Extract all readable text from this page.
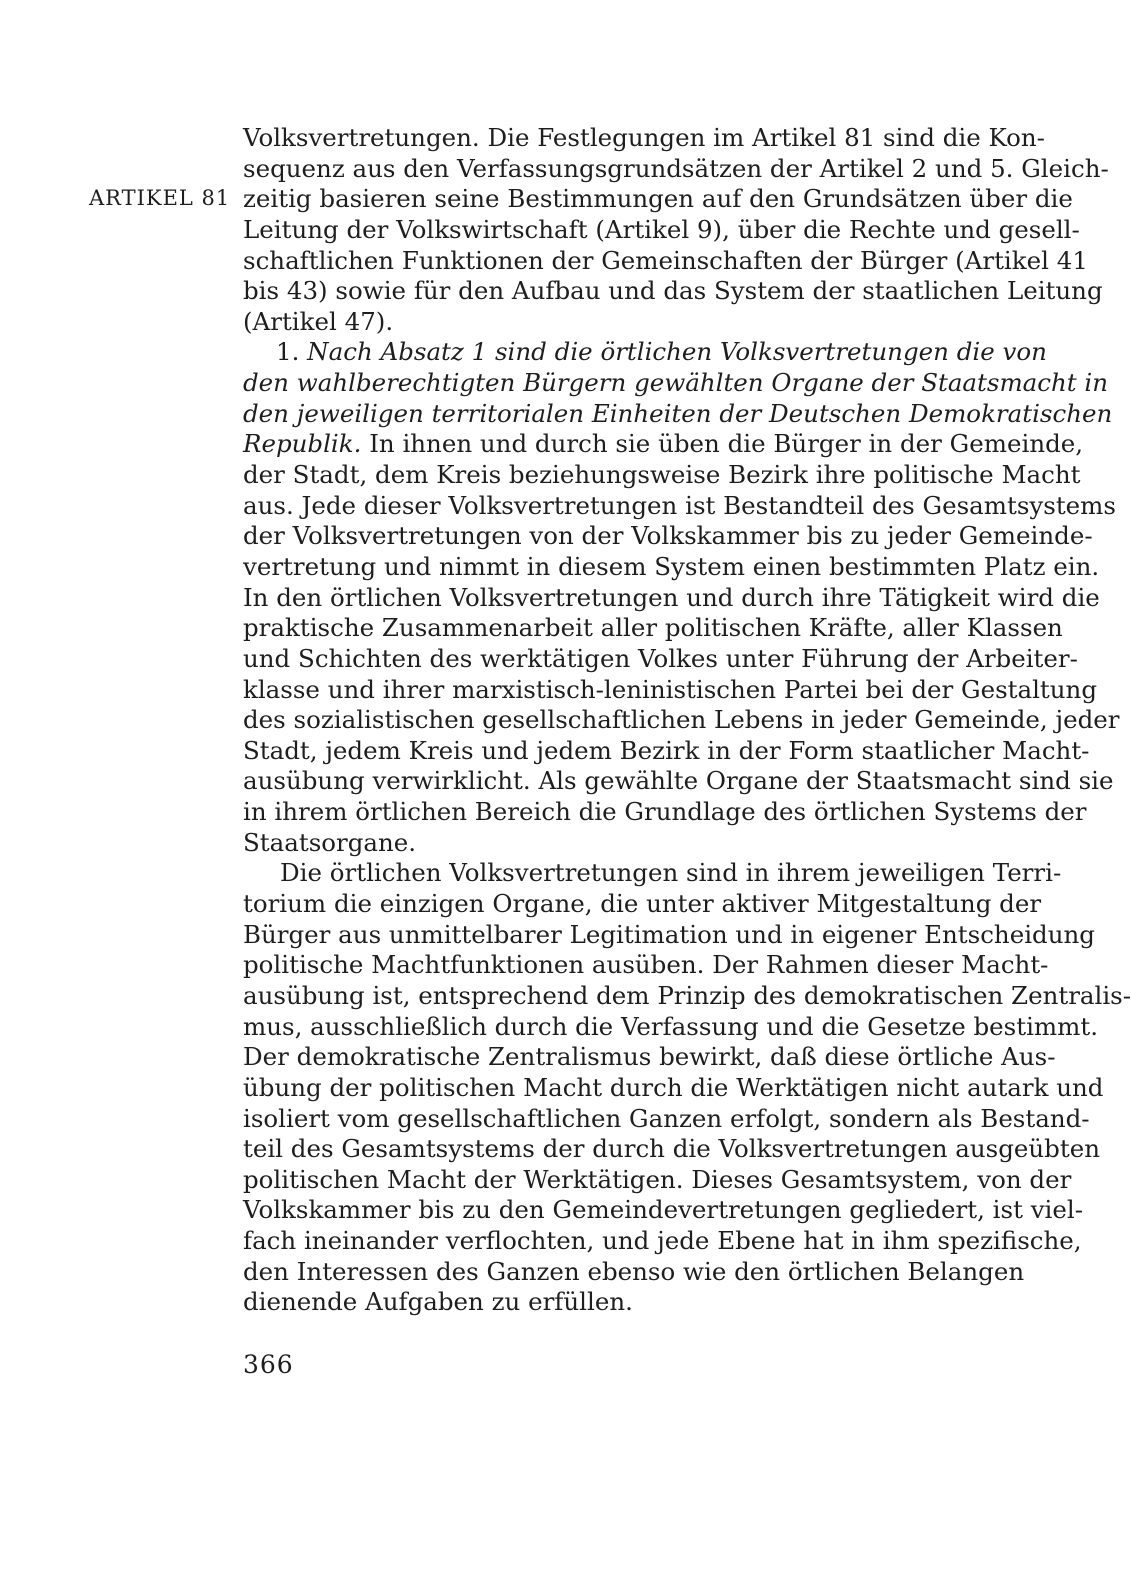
ARTIKEL 81
Volksvertretungen. Die Festlegungen im Artikel 81 sind die Kon-
sequenz aus den Verfassungsgrundsätzen der Artikel 2 und 5. Gleich-
zeitig basieren seine Bestimmungen auf den Grundsätzen über die
Leitung der Volkswirtschaft (Artikel 9), über die Rechte und gesell-
schaftlichen Funktionen der Gemeinschaften der Bürger (Artikel 41
bis 43) sowie für den Aufbau und das System der staatlichen Leitung
(Artikel 47).
1. Nach Absatz 1 sind die örtlichen Volksvertretungen die von
den wahlberechtigten Bürgern gewählten Organe der Staatsmacht in
den jeweiligen territorialen Einheiten der Deutschen Demokratischen
Republik. In ihnen und durch sie üben die Bürger in der Gemeinde,
der Stadt, dem Kreis beziehungsweise Bezirk ihre politische Macht
aus. Jede dieser Volksvertretungen ist Bestandteil des Gesamtsystems
der Volksvertretungen von der Volkskammer bis zu jeder Gemeinde-
vertretung und nimmt in diesem System einen bestimmten Platz ein.
In den örtlichen Volksvertretungen und durch ihre Tätigkeit wird die
praktische Zusammenarbeit aller politischen Kräfte, aller Klassen
und Schichten des werktätigen Volkes unter Führung der Arbeiter-
klasse und ihrer marxistisch-leninistischen Partei bei der Gestaltung
des sozialistischen gesellschaftlichen Lebens in jeder Gemeinde, jeder
Stadt, jedem Kreis und jedem Bezirk in der Form staatlicher Macht-
ausübung verwirklicht. Als gewählte Organe der Staatsmacht sind sie
in ihrem örtlichen Bereich die Grundlage des örtlichen Systems der
Staatsorgane.
Die örtlichen Volksvertretungen sind in ihrem jeweiligen Terri-
torium die einzigen Organe, die unter aktiver Mitgestaltung der
Bürger aus unmittelbarer Legitimation und in eigener Entscheidung
politische Machtfunktionen ausüben. Der Rahmen dieser Macht-
ausübung ist, entsprechend dem Prinzip des demokratischen Zentralis-
mus, ausschließlich durch die Verfassung und die Gesetze bestimmt.
Der demokratische Zentralismus bewirkt, daß diese örtliche Aus-
übung der politischen Macht durch die Werktätigen nicht autark und
isoliert vom gesellschaftlichen Ganzen erfolgt, sondern als Bestand-
teil des Gesamtsystems der durch die Volksvertretungen ausgeübten
politischen Macht der Werktätigen. Dieses Gesamtsystem, von der
Volkskammer bis zu den Gemeindevertretungen gegliedert, ist viel-
fach ineinander verflochten, und jede Ebene hat in ihm spezifische,
den Interessen des Ganzen ebenso wie den örtlichen Belangen
dienende Aufgaben zu erfüllen.
366
